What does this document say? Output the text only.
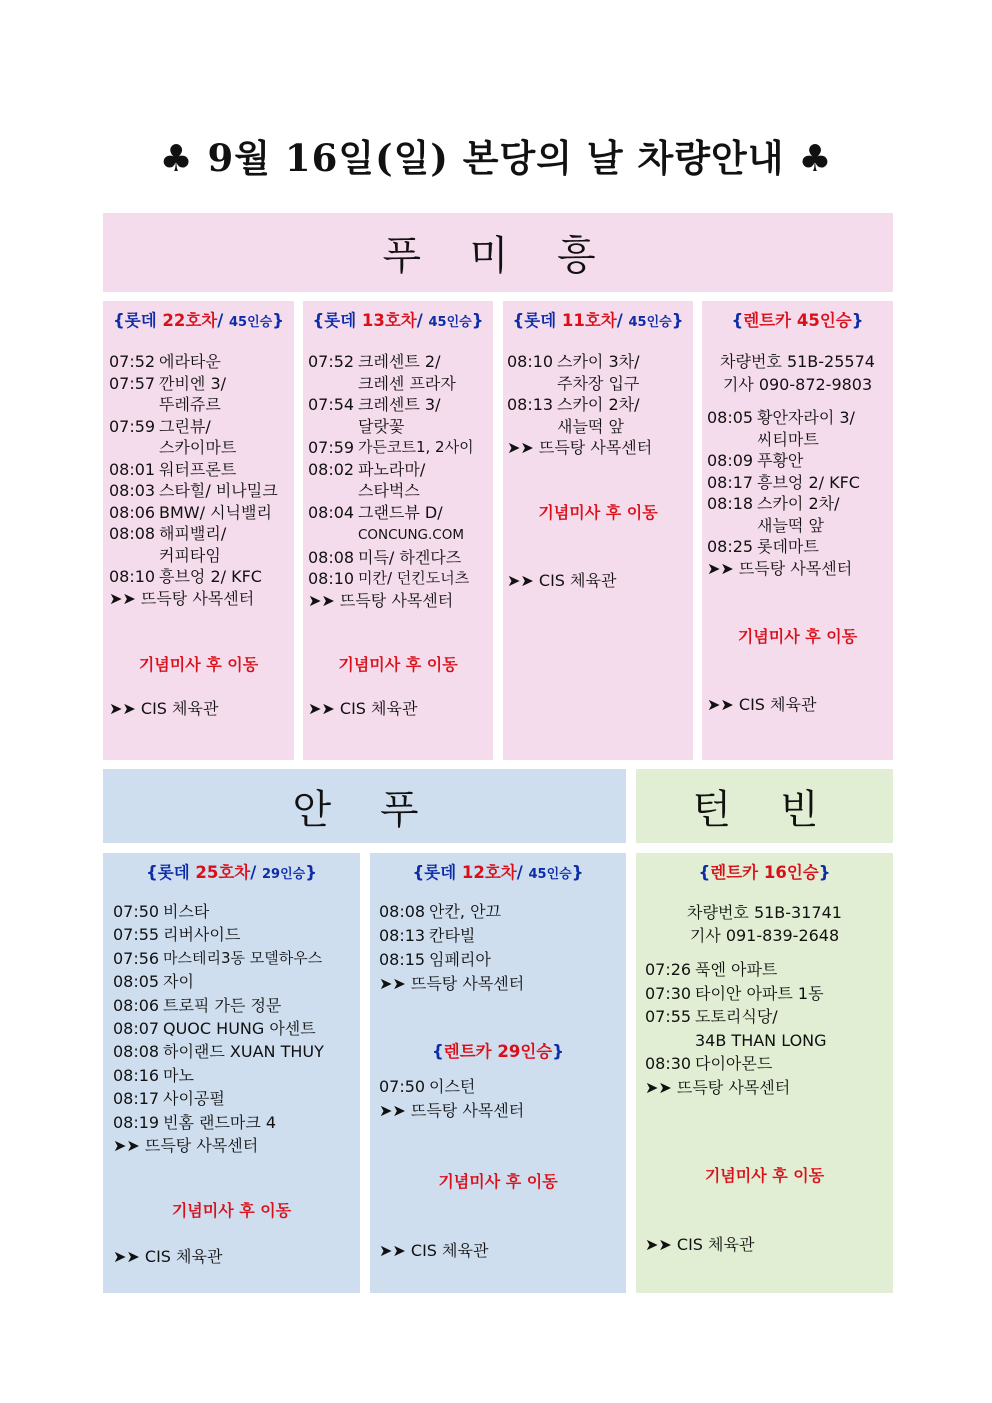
♣ 9월 16일(일) 본당의 날 차량안내 ♣
푸 미 흥
{롯데 22호차/ 45인승}
07:52 에라타운
07:57 깐비엔 3/
뚜레쥬르
07:59 그린뷰/
스카이마트
08:01 워터프론트
08:03 스타힐/ 비나밀크
08:06 BMW/ 시닉밸리
08:08 해피밸리/
커피타임
08:10 흥브엉 2/ KFC
➤➤ 뜨득탕 사목센터
기념미사 후 이동
➤➤ CIS 체육관
{롯데 13호차/ 45인승}
07:52 크레센트 2/
크레센 프라자
07:54 크레센트 3/
달랏꽃
07:59 가든코트1, 2사이
08:02 파노라마/
스타벅스
08:04 그랜드뷰 D/
CONCUNG.COM
08:08 미득/ 하겐다즈
08:10 미칸/ 던킨도너츠
➤➤ 뜨득탕 사목센터
기념미사 후 이동
➤➤ CIS 체육관
{롯데 11호차/ 45인승}
08:10 스카이 3차/
주차장 입구
08:13 스카이 2차/
새늘떡 앞
➤➤ 뜨득탕 사목센터
기념미사 후 이동
➤➤ CIS 체육관
{렌트카 45인승}
차량번호 51B-25574
기사 090-872-9803
08:05 황안자라이 3/
씨티마트
08:09 푸황안
08:17 흥브엉 2/ KFC
08:18 스카이 2차/
새늘떡 앞
08:25 롯데마트
➤➤ 뜨득탕 사목센터
기념미사 후 이동
➤➤ CIS 체육관
안 푸	턴 빈
{롯데 25호차/ 29인승}
07:50 비스타
07:55 리버사이드
07:56 마스테리3동 모델하우스
08:05 자이
08:06 트로픽 가든 정문
08:07 QUOC HUNG 아센트
08:08 하이랜드 XUAN THUY
08:16 마노
08:17 사이공펄
08:19 빈홈 랜드마크 4
➤➤ 뜨득탕 사목센터
기념미사 후 이동
➤➤ CIS 체육관
{롯데 12호차/ 45인승}
08:08 안칸, 안끄
08:13 칸타빌
08:15 임페리아
➤➤ 뜨득탕 사목센터
{렌트카 29인승}
07:50 이스턴
➤➤ 뜨득탕 사목센터
기념미사 후 이동
➤➤ CIS 체육관
{렌트카 16인승}
차량번호 51B-31741
기사 091-839-2648
07:26 푹엔 아파트
07:30 타이안 아파트 1동
07:55 도토리식당/
34B THAN LONG
08:30 다이아몬드
➤➤ 뜨득탕 사목센터
기념미사 후 이동
➤➤ CIS 체육관
